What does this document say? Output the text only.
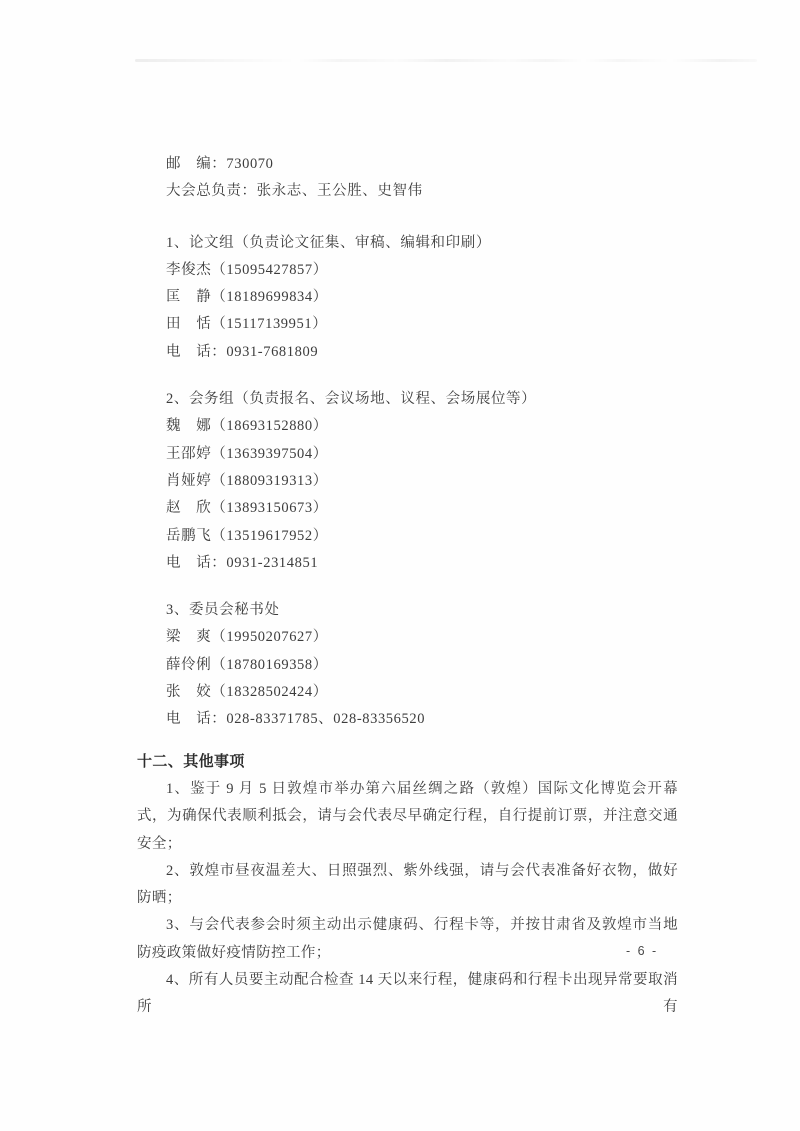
邮　编：730070
大会总负责：张永志、王公胜、史智伟
1、论文组（负责论文征集、审稿、编辑和印刷）
李俊杰（15095427857）
匡　静（18189699834）
田　恬（15117139951）
电　话：0931-7681809
2、会务组（负责报名、会议场地、议程、会场展位等）
魏　娜（18693152880）
王邵婷（13639397504）
肖娅婷（18809319313）
赵　欣（13893150673）
岳鹏飞（13519617952）
电　话：0931-2314851
3、委员会秘书处
梁　爽（19950207627）
薛伶俐（18780169358）
张　姣（18328502424）
电　话：028-83371785、028-83356520
十二、其他事项

1、鉴于 9 月 5 日敦煌市举办第六届丝绸之路（敦煌）国际文化博览会开幕式，为确保代表顺利抵会，请与会代表尽早确定行程，自行提前订票，并注意交通安全；

2、敦煌市昼夜温差大、日照强烈、紫外线强，请与会代表准备好衣物，做好防晒；

3、与会代表参会时须主动出示健康码、行程卡等，并按甘肃省及敦煌市当地防疫政策做好疫情防控工作；

4、所有人员要主动配合检查 14 天以来行程，健康码和行程卡出现异常要取消所有

- 6 -
